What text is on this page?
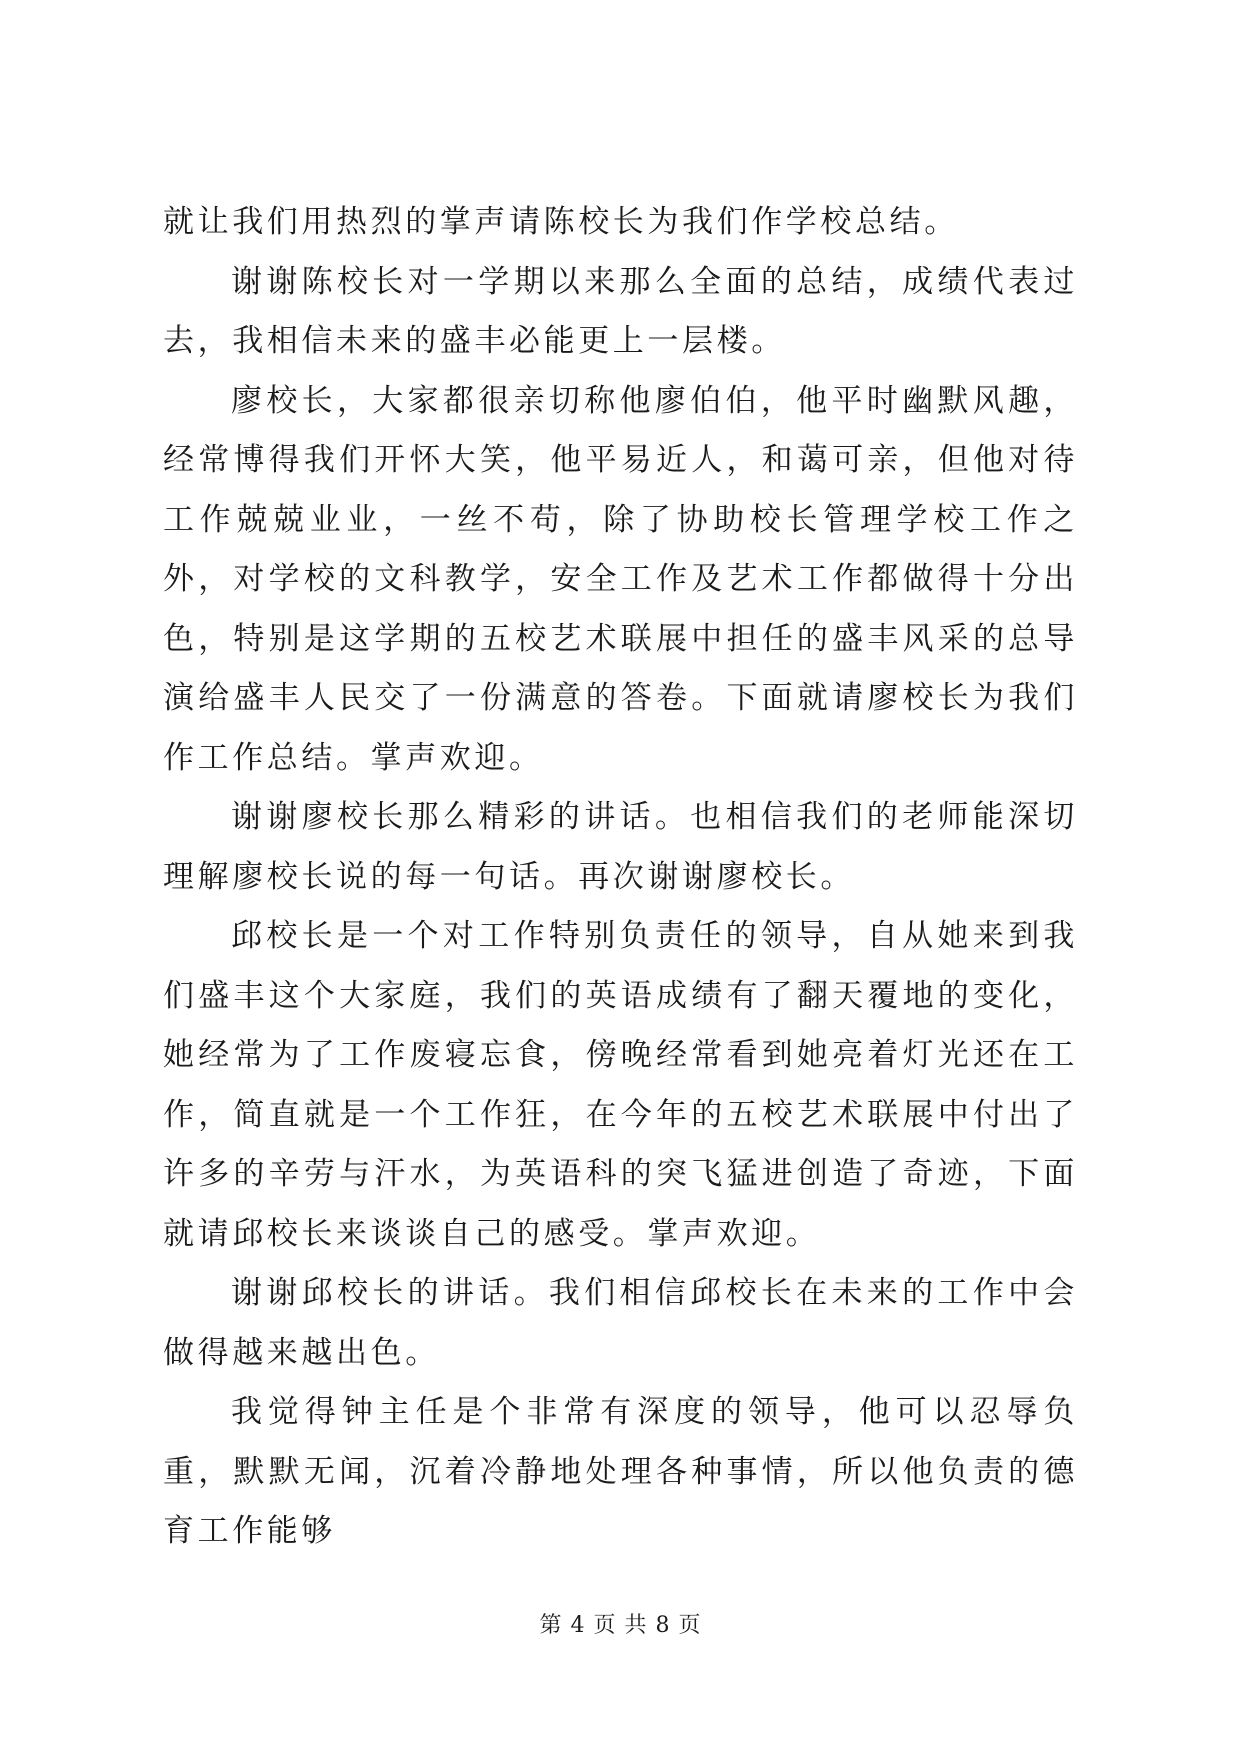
就让我们用热烈的掌声请陈校长为我们作学校总结。

谢谢陈校长对一学期以来那么全面的总结，成绩代表过去，我相信未来的盛丰必能更上一层楼。

廖校长，大家都很亲切称他廖伯伯，他平时幽默风趣，经常博得我们开怀大笑，他平易近人，和蔼可亲，但他对待工作兢兢业业，一丝不苟，除了协助校长管理学校工作之外，对学校的文科教学，安全工作及艺术工作都做得十分出色，特别是这学期的五校艺术联展中担任的盛丰风采的总导演给盛丰人民交了一份满意的答卷。下面就请廖校长为我们作工作总结。掌声欢迎。

谢谢廖校长那么精彩的讲话。也相信我们的老师能深切理解廖校长说的每一句话。再次谢谢廖校长。

邱校长是一个对工作特别负责任的领导，自从她来到我们盛丰这个大家庭，我们的英语成绩有了翻天覆地的变化，她经常为了工作废寝忘食，傍晚经常看到她亮着灯光还在工作，简直就是一个工作狂，在今年的五校艺术联展中付出了许多的辛劳与汗水，为英语科的突飞猛进创造了奇迹，下面就请邱校长来谈谈自己的感受。掌声欢迎。

谢谢邱校长的讲话。我们相信邱校长在未来的工作中会做得越来越出色。

我觉得钟主任是个非常有深度的领导，他可以忍辱负重，默默无闻，沉着冷静地处理各种事情，所以他负责的德育工作能够

第 4 页 共 8 页
